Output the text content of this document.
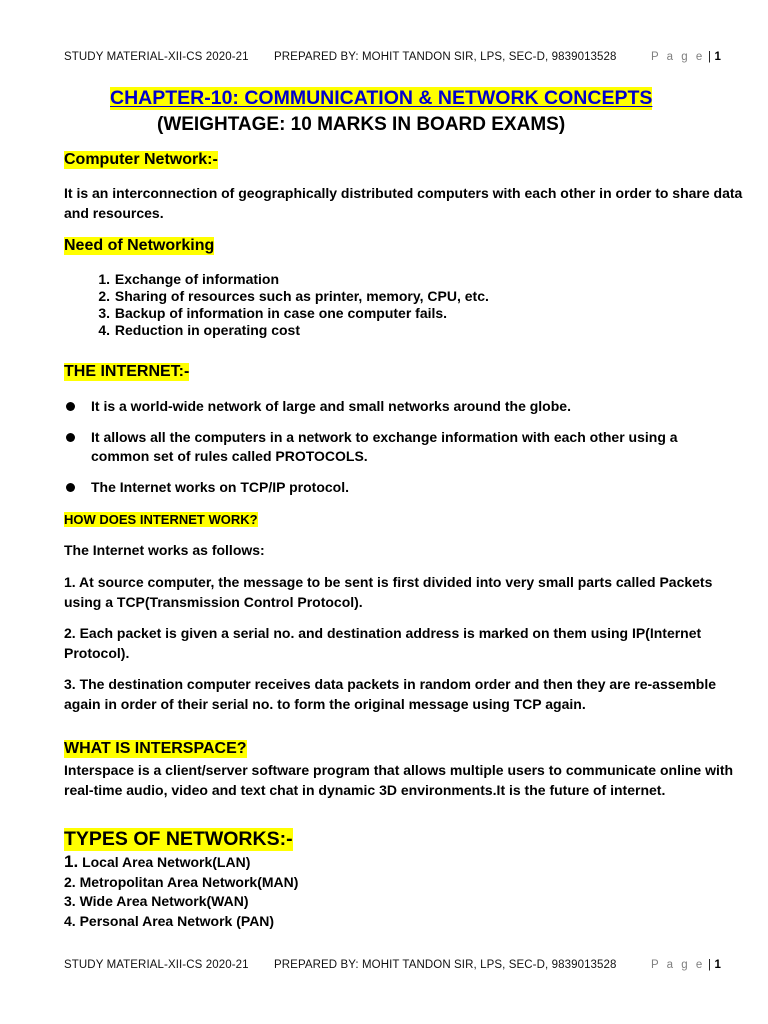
STUDY MATERIAL-XII-CS 2020-21 PREPARED BY: MOHIT TANDON SIR, LPS, SEC-D, 9839013528	P a g e | 1
CHAPTER-10: COMMUNICATION & NETWORK CONCEPTS
(WEIGHTAGE: 10 MARKS IN BOARD EXAMS)
Computer Network:-
It is an interconnection of geographically distributed computers with each other in order to share data and resources.
Need of Networking
1. Exchange of information
2. Sharing of resources such as printer, memory, CPU, etc.
3. Backup of information in case one computer fails.
4. Reduction in operating cost
THE INTERNET:-
It is a world-wide network of large and small networks around the globe.
It allows all the computers in a network to exchange information with each other using a common set of rules called PROTOCOLS.
The Internet works on TCP/IP protocol.
HOW DOES INTERNET WORK?
The Internet works as follows:
1. At source computer, the message to be sent is first divided into very small parts called Packets using a TCP(Transmission Control Protocol).
2. Each packet is given a serial no. and destination address is marked on them using IP(Internet Protocol).
3. The destination computer receives data packets in random order and then they are re-assemble again in order of their serial no. to form the original message using TCP again.
WHAT IS INTERSPACE?
Interspace is a client/server software program that allows multiple users to communicate online with real-time audio, video and text chat in dynamic 3D environments.It is the future of internet.
TYPES OF NETWORKS:-
1. Local Area Network(LAN)
2. Metropolitan Area Network(MAN)
3. Wide Area Network(WAN)
4. Personal Area Network (PAN)
STUDY MATERIAL-XII-CS 2020-21 PREPARED BY: MOHIT TANDON SIR, LPS, SEC-D, 9839013528	P a g e | 1
